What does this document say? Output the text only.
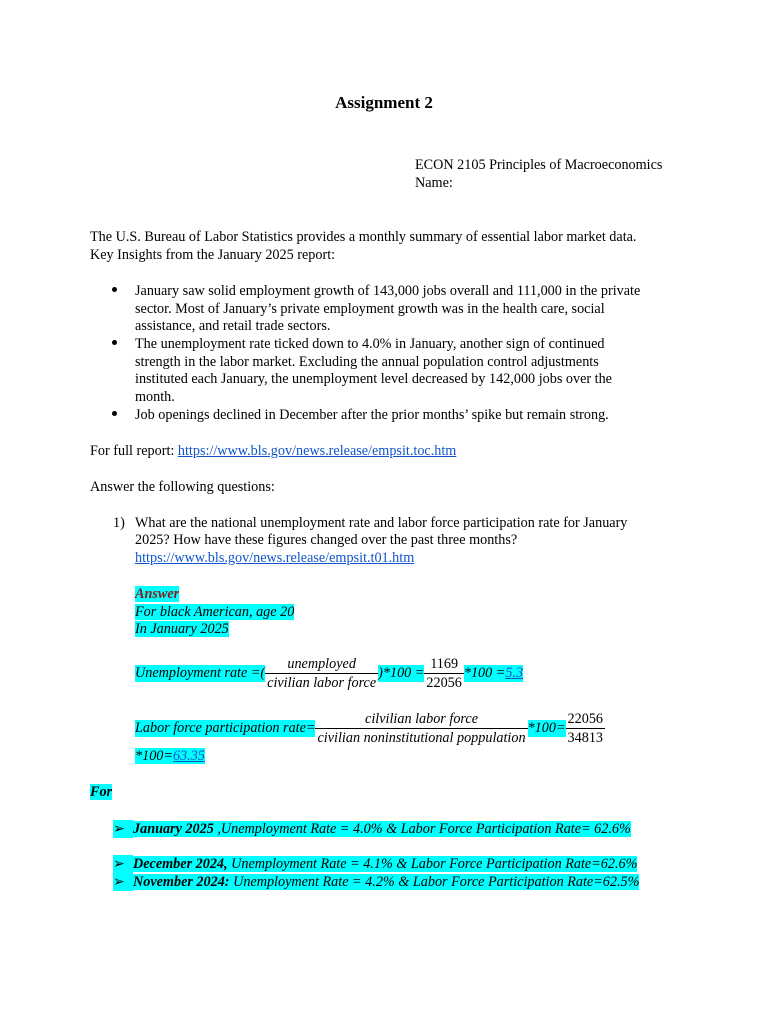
Assignment 2
ECON 2105 Principles of Macroeconomics
Name:
The U.S. Bureau of Labor Statistics provides a monthly summary of essential labor market data.
Key Insights from the January 2025 report:
January saw solid employment growth of 143,000 jobs overall and 111,000 in the private
sector. Most of January’s private employment growth was in the health care, social
assistance, and retail trade sectors.
The unemployment rate ticked down to 4.0% in January, another sign of continued
strength in the labor market. Excluding the annual population control adjustments
instituted each January, the unemployment level decreased by 142,000 jobs over the
month.
Job openings declined in December after the prior months’ spike but remain strong.
For full report: https://www.bls.gov/news.release/empsit.toc.htm
Answer the following questions:
1) What are the national unemployment rate and labor force participation rate for January
2025? How have these figures changed over the past three months?
https://www.bls.gov/news.release/empsit.t01.htm
Answer
For black American, age 20
In January 2025
Unemployment rate =( $\frac{\text{unemployed}}{\text{civilian labor force}} )*100 = \frac{1169}{22056} *100 = 5.3$
Labor force participation rate= $\frac{\text{cilvilian labor force}}{\text{civilian noninstitutional poppulation}} *100= \frac{22056}{34813}$
*100=63.35
For
➢ January 2025 ,Unemployment Rate = 4.0% & Labor Force Participation Rate= 62.6%
➢ December 2024, Unemployment Rate = 4.1% & Labor Force Participation Rate=62.6%
➢ November 2024: Unemployment Rate = 4.2% & Labor Force Participation Rate=62.5%
